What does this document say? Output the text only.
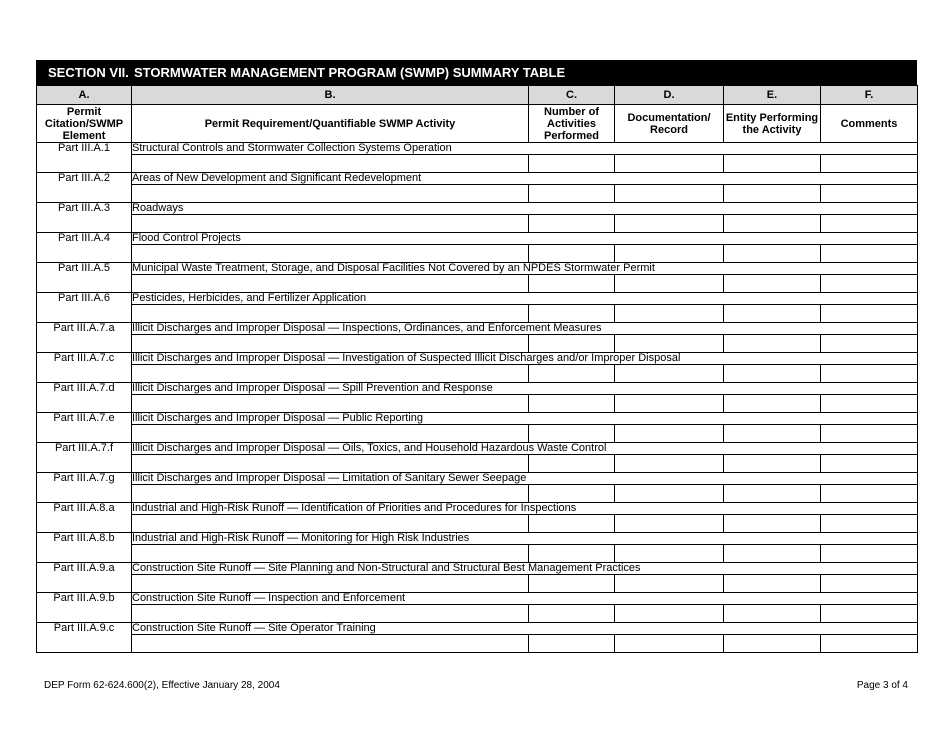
SECTION VII. STORMWATER MANAGEMENT PROGRAM (SWMP) SUMMARY TABLE
A.	B.	C.	D.	E.	F.
Permit Citation/SWMP Element	Permit Requirement/Quantifiable SWMP Activity	Number of Activities Performed	Documentation/ Record	Entity Performing the Activity	Comments
Part III.A.1	Structural Controls and Stormwater Collection Systems Operation				

Part III.A.2	Areas of New Development and Significant Redevelopment				

Part III.A.3	Roadways				

Part III.A.4	Flood Control Projects				

Part III.A.5	Municipal Waste Treatment, Storage, and Disposal Facilities Not Covered by an NPDES Stormwater Permit				

Part III.A.6	Pesticides, Herbicides, and Fertilizer Application				

Part III.A.7.a	Illicit Discharges and Improper Disposal — Inspections, Ordinances, and Enforcement Measures				

Part III.A.7.c	Illicit Discharges and Improper Disposal — Investigation of Suspected Illicit Discharges and/or Improper Disposal				

Part III.A.7.d	Illicit Discharges and Improper Disposal — Spill Prevention and Response				

Part III.A.7.e	Illicit Discharges and Improper Disposal — Public Reporting				

Part III.A.7.f	Illicit Discharges and Improper Disposal — Oils, Toxics, and Household Hazardous Waste Control				

Part III.A.7.g	Illicit Discharges and Improper Disposal — Limitation of Sanitary Sewer Seepage				

Part III.A.8.a	Industrial and High-Risk Runoff — Identification of Priorities and Procedures for Inspections				

Part III.A.8.b	Industrial and High-Risk Runoff — Monitoring for High Risk Industries				

Part III.A.9.a	Construction Site Runoff — Site Planning and Non-Structural and Structural Best Management Practices				

Part III.A.9.b	Construction Site Runoff — Inspection and Enforcement				

Part III.A.9.c	Construction Site Runoff — Site Operator Training				

DEP Form 62-624.600(2), Effective January 28, 2004	Page 3 of 4
